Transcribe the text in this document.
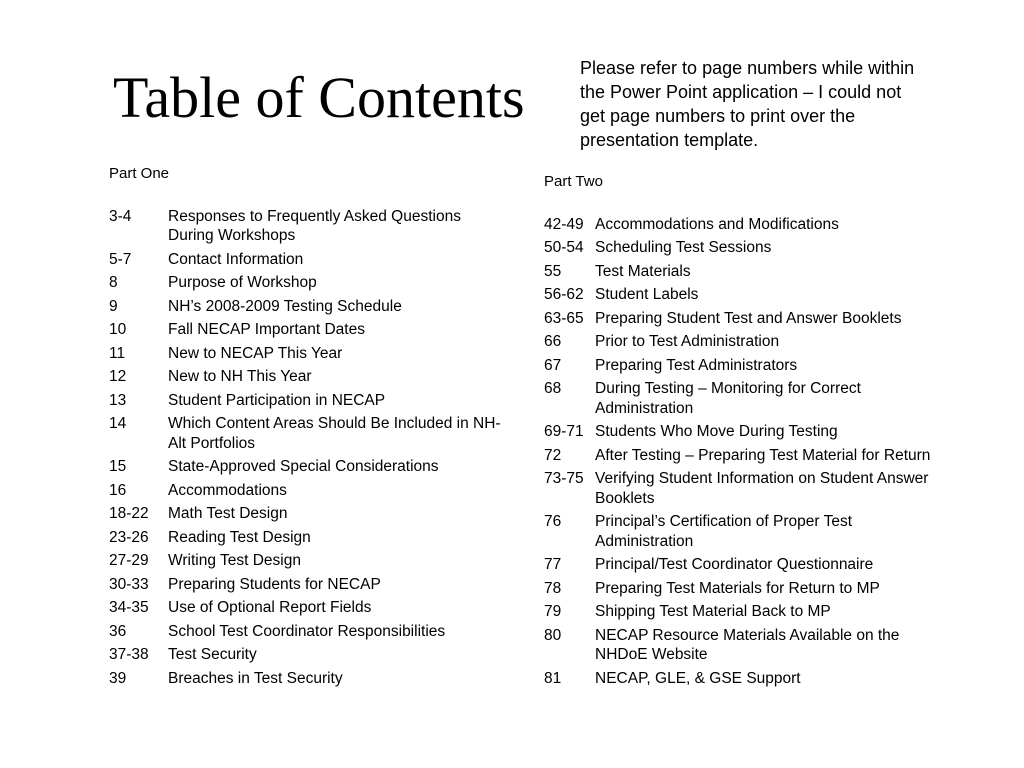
Table of Contents	Please refer to page numbers while within the Power Point application – I could not get page numbers to print over the presentation template.
Part One
3-4	Responses to Frequently Asked Questions During Workshops
5-7	Contact Information
8	Purpose of Workshop
9	NH’s 2008-2009 Testing Schedule
10	Fall NECAP Important Dates
11	New to NECAP This Year
12	New to NH This Year
13	Student Participation in NECAP
14	Which Content Areas Should Be Included in NH-Alt Portfolios
15	State-Approved Special Considerations
16	Accommodations
18-22	Math Test Design
23-26	Reading Test Design
27-29	Writing Test Design
30-33	Preparing Students for NECAP
34-35	Use of Optional Report Fields
36	School Test Coordinator Responsibilities
37-38	Test Security
39	Breaches in Test Security
Part Two
42-49 Accommodations and Modifications
50-54 Scheduling Test Sessions
55	Test Materials
56-62 Student Labels
63-65 Preparing Student Test and Answer Booklets
66	Prior to Test Administration
67	Preparing Test Administrators
68	During Testing – Monitoring for Correct Administration
69-71 Students Who Move During Testing
72	After Testing – Preparing Test Material for Return
73-75 Verifying Student Information on Student Answer Booklets
76	Principal’s Certification of Proper Test Administration
77	Principal/Test Coordinator Questionnaire
78	Preparing Test Materials for Return to MP
79	Shipping Test Material Back to MP
80	NECAP Resource Materials Available on the NHDoE Website
81	NECAP, GLE, & GSE Support
